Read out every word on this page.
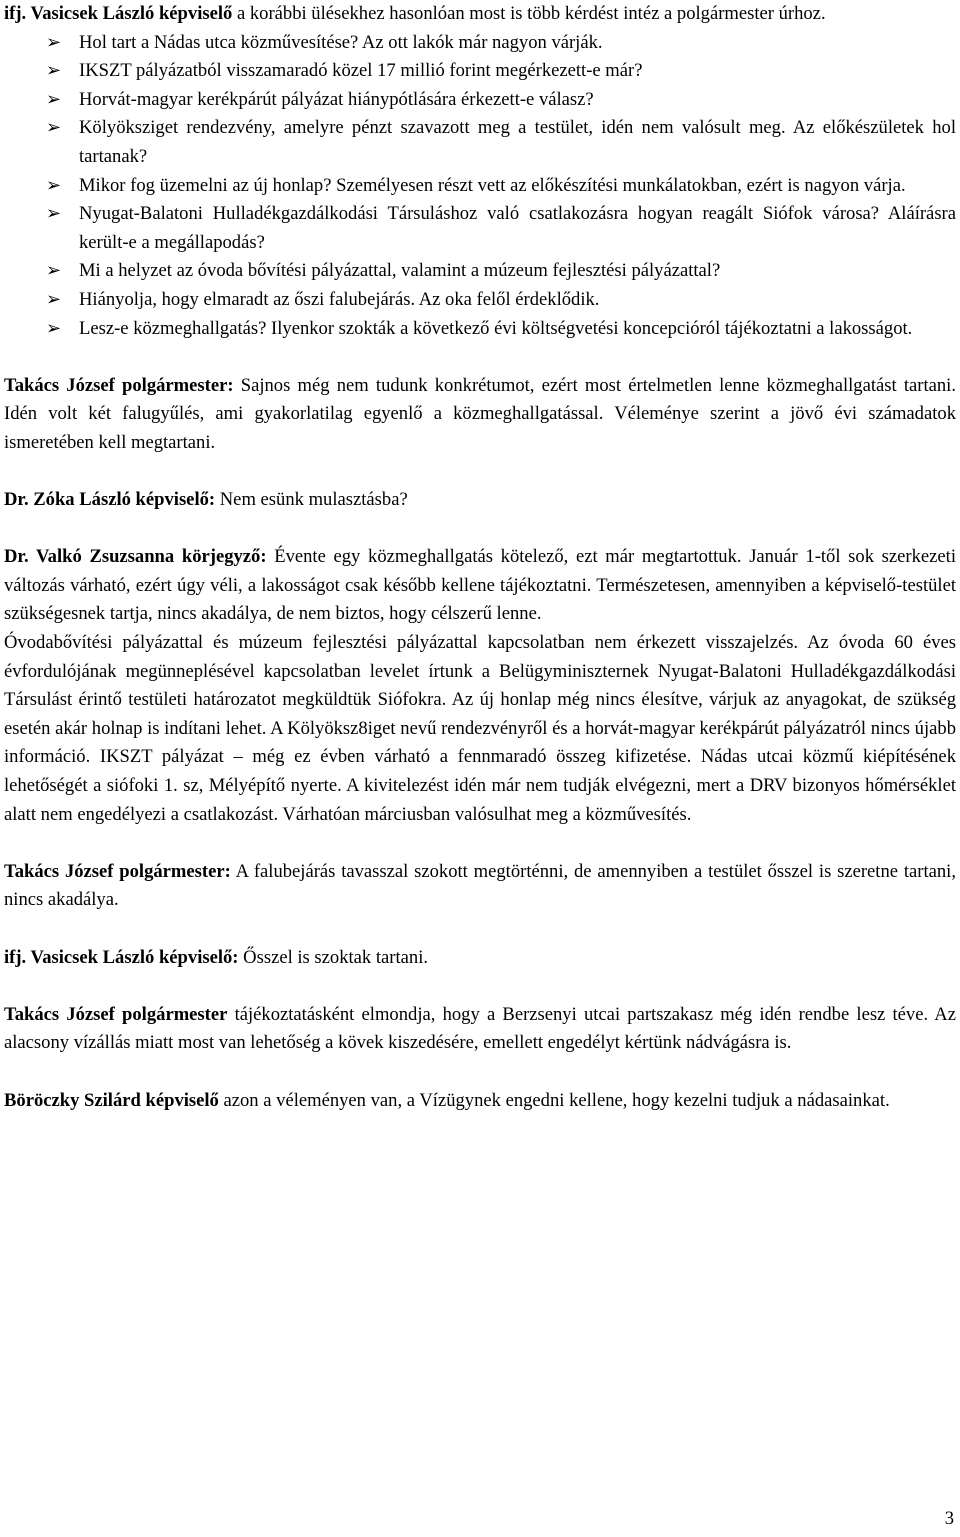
ifj. Vasicsek László képviselő a korábbi ülésekhez hasonlóan most is több kérdést intéz a polgármester úrhoz.

➢ Hol tart a Nádas utca közművesítése? Az ott lakók már nagyon várják.
➢ IKSZT pályázatból visszamaradó közel 17 millió forint megérkezett-e már?
➢ Horvát-magyar kerékpárút pályázat hiánypótlására érkezett-e válasz?
➢ Kölyöksziget rendezvény, amelyre pénzt szavazott meg a testület, idén nem valósult meg. Az előkészületek hol tartanak?
➢ Mikor fog üzemelni az új honlap? Személyesen részt vett az előkészítési munkálatokban, ezért is nagyon várja.
➢ Nyugat-Balatoni Hulladékgazdálkodási Társuláshoz való csatlakozásra hogyan reagált Siófok városa? Aláírásra került-e a megállapodás?
➢ Mi a helyzet az óvoda bővítési pályázattal, valamint a múzeum fejlesztési pályázattal?
➢ Hiányolja, hogy elmaradt az őszi falubejárás. Az oka felől érdeklődik.
➢ Lesz-e közmeghallgatás? Ilyenkor szokták a következő évi költségvetési koncepcióról tájékoztatni a lakosságot.

Takács József polgármester: Sajnos még nem tudunk konkrétumot, ezért most értelmetlen lenne közmeghallgatást tartani. Idén volt két falugyűlés, ami gyakorlatilag egyenlő a közmeghallgatással. Véleménye szerint a jövő évi számadatok ismeretében kell megtartani.

Dr. Zóka László képviselő: Nem esünk mulasztásba?

Dr. Valkó Zsuzsanna körjegyző: Évente egy közmeghallgatás kötelező, ezt már megtartottuk. Január 1-től sok szerkezeti változás várható, ezért úgy véli, a lakosságot csak később kellene tájékoztatni. Természetesen, amennyiben a képviselő-testület szükségesnek tartja, nincs akadálya, de nem biztos, hogy célszerű lenne.

Óvodabővítési pályázattal és múzeum fejlesztési pályázattal kapcsolatban nem érkezett visszajelzés. Az óvoda 60 éves évfordulójának megünneplésével kapcsolatban levelet írtunk a Belügyminiszternek Nyugat-Balatoni Hulladékgazdálkodási Társulást érintő testületi határozatot megküldtük Siófokra. Az új honlap még nincs élesítve, várjuk az anyagokat, de szükség esetén akár holnap is indítani lehet. A Kölyöksz8iget nevű rendezvényről és a horvát-magyar kerékpárút pályázatról nincs újabb információ. IKSZT pályázat – még ez évben várható a fennmaradó összeg kifizetése. Nádas utcai közmű kiépítésének lehetőségét a siófoki 1. sz, Mélyépítő nyerte. A kivitelezést idén már nem tudják elvégezni, mert a DRV bizonyos hőmérséklet alatt nem engedélyezi a csatlakozást. Várhatóan márciusban valósulhat meg a közművesítés.

Takács József polgármester: A falubejárás tavasszal szokott megtörténni, de amennyiben a testület ősszel is szeretne tartani, nincs akadálya.

ifj. Vasicsek László képviselő: Ősszel is szoktak tartani.

Takács József polgármester tájékoztatásként elmondja, hogy a Berzsenyi utcai partszakasz még idén rendbe lesz téve. Az alacsony vízállás miatt most van lehetőség a kövek kiszedésére, emellett engedélyt kértünk nádvágásra is.

Böröczky Szilárd képviselő azon a véleményen van, a Vízügynek engedni kellene, hogy kezelni tudjuk a nádasainkat.

3
